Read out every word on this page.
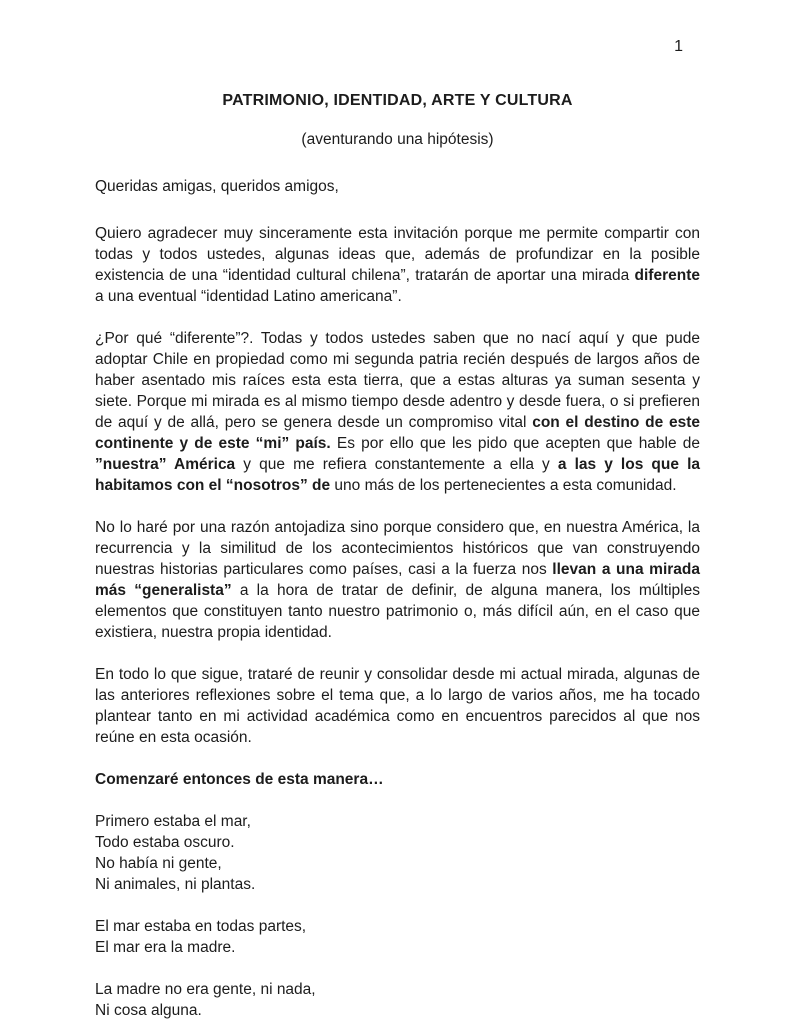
1
PATRIMONIO, IDENTIDAD, ARTE Y CULTURA
(aventurando una hipótesis)

Queridas amigas, queridos amigos,

Quiero agradecer muy sinceramente esta invitación porque me permite compartir con todas y todos ustedes, algunas ideas que, además de profundizar en la posible existencia de una “identidad cultural chilena”, tratarán de aportar una mirada diferente a una eventual “identidad Latino americana”.

¿Por qué “diferente”?. Todas y todos ustedes saben que no nací aquí y que pude adoptar Chile en propiedad como mi segunda patria recién después de largos años de haber asentado mis raíces esta esta tierra, que a estas alturas ya suman sesenta y siete. Porque mi mirada es al mismo tiempo desde adentro y desde fuera, o si prefieren de aquí y de allá, pero se genera desde un compromiso vital con el destino de este continente y de este “mi” país. Es por ello que les pido que acepten que hable de ”nuestra” América y que me refiera constantemente a ella y a las y los que la habitamos con el “nosotros” de uno más de los pertenecientes a esta comunidad.

No lo haré por una razón antojadiza sino porque considero que, en nuestra América, la recurrencia y la similitud de los acontecimientos históricos que van construyendo nuestras historias particulares como países, casi a la fuerza nos llevan a una mirada más “generalista” a la hora de tratar de definir, de alguna manera, los múltiples elementos que constituyen tanto nuestro patrimonio o, más difícil aún, en el caso que existiera, nuestra propia identidad.

En todo lo que sigue, trataré de reunir y consolidar desde mi actual mirada, algunas de las anteriores reflexiones sobre el tema que, a lo largo de varios años, me ha tocado plantear tanto en mi actividad académica como en encuentros parecidos al que nos reúne en esta ocasión.

Comenzaré entonces de esta manera…
Primero estaba el mar,
Todo estaba oscuro.
No había ni gente,
Ni animales, ni plantas.
El mar estaba en todas partes,
El mar era la madre.
La madre no era gente, ni nada,
Ni cosa alguna.
